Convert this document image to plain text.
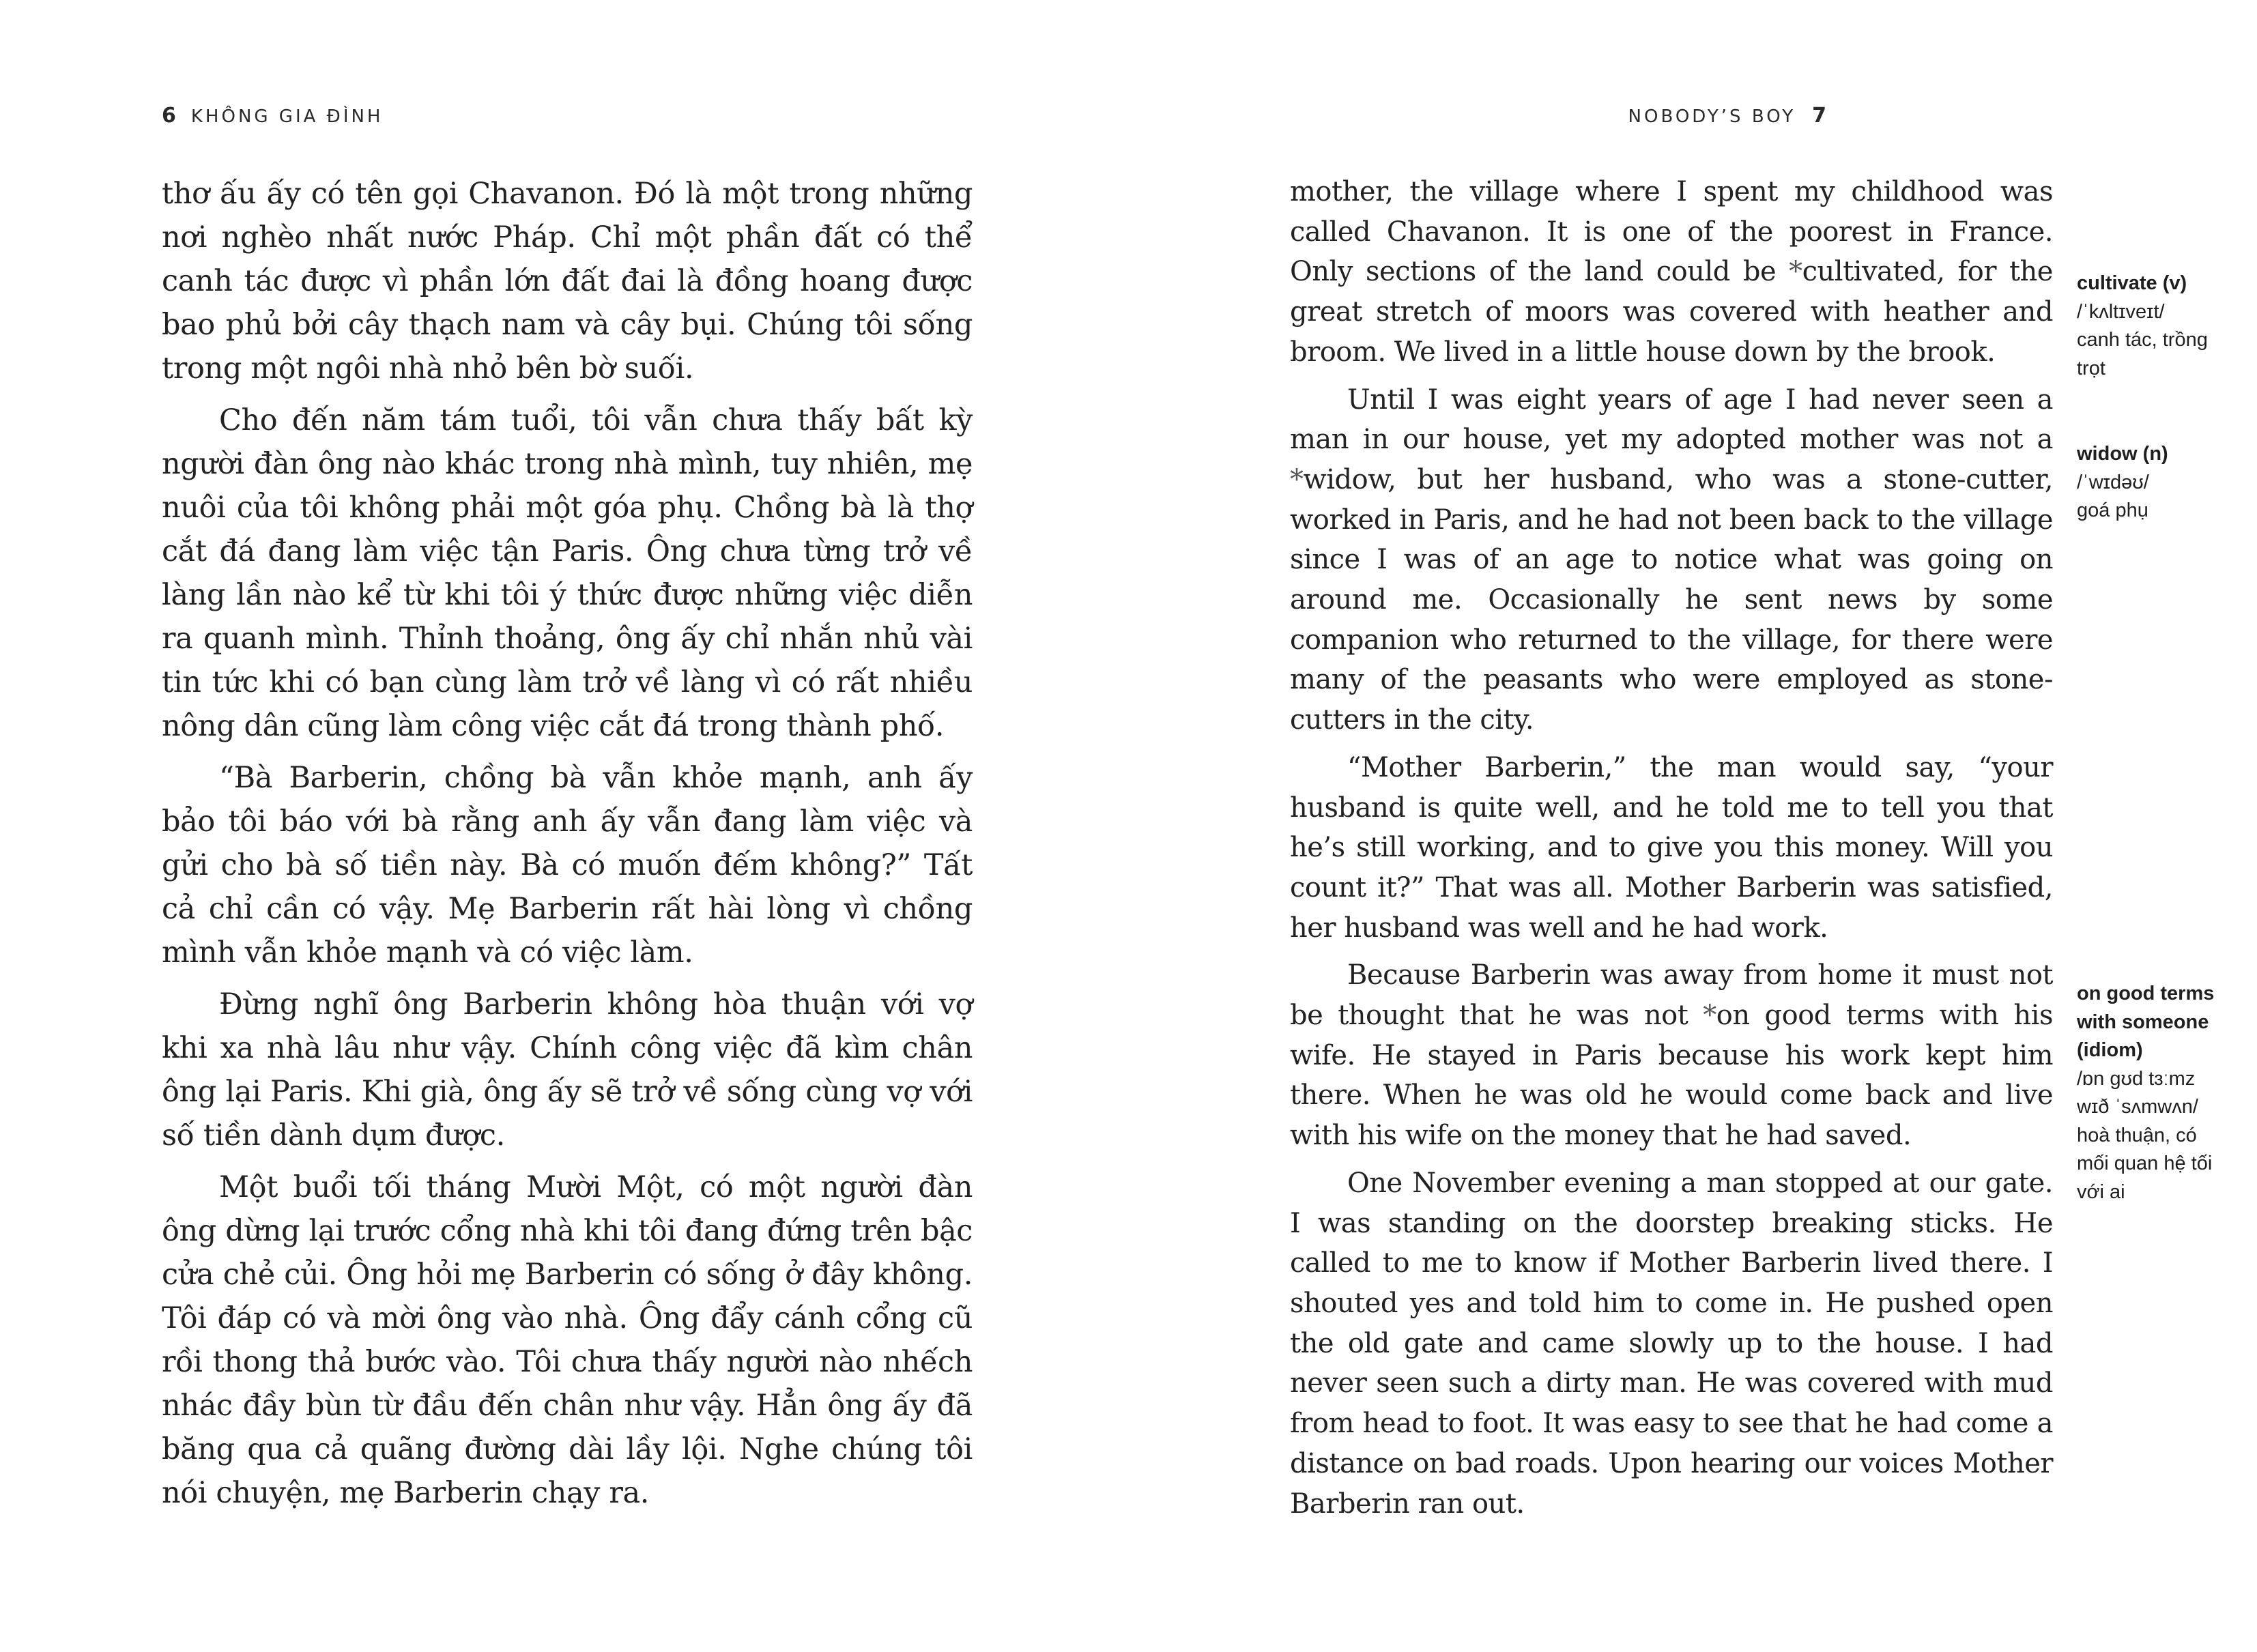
6 KHÔNG GIA ĐÌNH

thơ ấu ấy có tên gọi Chavanon. Đó là một trong những nơi nghèo nhất nước Pháp. Chỉ một phần đất có thể canh tác được vì phần lớn đất đai là đồng hoang được bao phủ bởi cây thạch nam và cây bụi. Chúng tôi sống trong một ngôi nhà nhỏ bên bờ suối.

Cho đến năm tám tuổi, tôi vẫn chưa thấy bất kỳ người đàn ông nào khác trong nhà mình, tuy nhiên, mẹ nuôi của tôi không phải một góa phụ. Chồng bà là thợ cắt đá đang làm việc tận Paris. Ông chưa từng trở về làng lần nào kể từ khi tôi ý thức được những việc diễn ra quanh mình. Thỉnh thoảng, ông ấy chỉ nhắn nhủ vài tin tức khi có bạn cùng làm trở về làng vì có rất nhiều nông dân cũng làm công việc cắt đá trong thành phố.

“Bà Barberin, chồng bà vẫn khỏe mạnh, anh ấy bảo tôi báo với bà rằng anh ấy vẫn đang làm việc và gửi cho bà số tiền này. Bà có muốn đếm không?” Tất cả chỉ cần có vậy. Mẹ Barberin rất hài lòng vì chồng mình vẫn khỏe mạnh và có việc làm.

Đừng nghĩ ông Barberin không hòa thuận với vợ khi xa nhà lâu như vậy. Chính công việc đã kìm chân ông lại Paris. Khi già, ông ấy sẽ trở về sống cùng vợ với số tiền dành dụm được.

Một buổi tối tháng Mười Một, có một người đàn ông dừng lại trước cổng nhà khi tôi đang đứng trên bậc cửa chẻ củi. Ông hỏi mẹ Barberin có sống ở đây không. Tôi đáp có và mời ông vào nhà. Ông đẩy cánh cổng cũ rồi thong thả bước vào. Tôi chưa thấy người nào nhếch nhác đầy bùn từ đầu đến chân như vậy. Hẳn ông ấy đã băng qua cả quãng đường dài lầy lội. Nghe chúng tôi nói chuyện, mẹ Barberin chạy ra.

NOBODY’S BOY 7

mother, the village where I spent my childhood was called Chavanon. It is one of the poorest in France. Only sections of the land could be *cultivated, for the great stretch of moors was covered with heather and broom. We lived in a little house down by the brook.

Until I was eight years of age I had never seen a man in our house, yet my adopted mother was not a *widow, but her husband, who was a stone-cutter, worked in Paris, and he had not been back to the village since I was of an age to notice what was going on around me. Occasionally he sent news by some companion who returned to the village, for there were many of the peasants who were employed as stone-cutters in the city.

“Mother Barberin,” the man would say, “your husband is quite well, and he told me to tell you that he’s still working, and to give you this money. Will you count it?” That was all. Mother Barberin was satisfied, her husband was well and he had work.

Because Barberin was away from home it must not be thought that he was not *on good terms with his wife. He stayed in Paris because his work kept him there. When he was old he would come back and live with his wife on the money that he had saved.

One November evening a man stopped at our gate. I was standing on the doorstep breaking sticks. He called to me to know if Mother Barberin lived there. I shouted yes and told him to come in. He pushed open the old gate and came slowly up to the house. I had never seen such a dirty man. He was covered with mud from head to foot. It was easy to see that he had come a distance on bad roads. Upon hearing our voices Mother Barberin ran out.

cultivate (v)
/ˈkʌltɪveɪt/
canh tác, trồng trọt
widow (n)
/ˈwɪdəʊ/
goá phụ
on good terms with someone (idiom)
/ɒn ɡʊd tɜːmz wɪð ˈsʌmwʌn/
hoà thuận, có mối quan hệ tối với ai
